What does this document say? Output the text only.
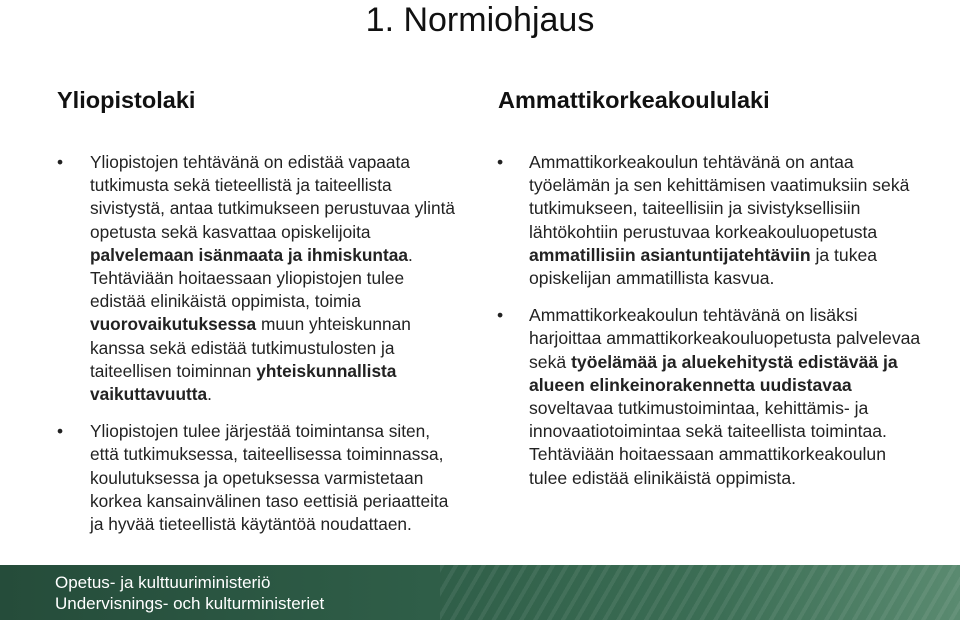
1. Normiohjaus
Yliopistolaki
• Yliopistojen tehtävänä on edistää vapaata tutkimusta sekä tieteellistä ja taiteellista sivistystä, antaa tutkimukseen perustuvaa ylintä opetusta sekä kasvattaa opiskelijoita palvelemaan isänmaata ja ihmiskuntaa. Tehtäviään hoitaessaan yliopistojen tulee edistää elinikäistä oppimista, toimia vuorovaikutuksessa muun yhteiskunnan kanssa sekä edistää tutkimustulosten ja taiteellisen toiminnan yhteiskunnallista vaikuttavuutta.
• Yliopistojen tulee järjestää toimintansa siten, että tutkimuksessa, taiteellisessa toiminnassa, koulutuksessa ja opetuksessa varmistetaan korkea kansainvälinen taso eettisiä periaatteita ja hyvää tieteellistä käytäntöä noudattaen.
Ammattikorkeakoululaki
• Ammattikorkeakoulun tehtävänä on antaa työelämän ja sen kehittämisen vaatimuksiin sekä tutkimukseen, taiteellisiin ja sivistyksellisiin lähtökohtiin perustuvaa korkeakouluopetusta ammatillisiin asiantuntijatehtäviin ja tukea opiskelijan ammatillista kasvua.
• Ammattikorkeakoulun tehtävänä on lisäksi harjoittaa ammattikorkeakouluopetusta palvelevaa sekä työelämää ja aluekehitystä edistävää ja alueen elinkeinorakennetta uudistavaa soveltavaa tutkimustoimintaa, kehittämis- ja innovaatiotoimintaa sekä taiteellista toimintaa. Tehtäviään hoitaessaan ammattikorkeakoulun tulee edistää elinikäistä oppimista.
Opetus- ja kulttuuriministeriö
Undervisnings- och kulturministeriet
